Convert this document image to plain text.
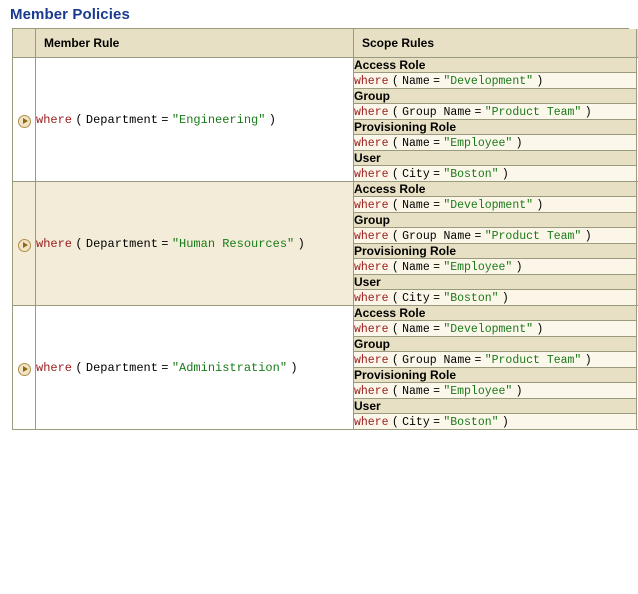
Member Policies
	Member Rule	Scope Rules	
	where ( Department = "Engineering" )	
Access Role
where ( Name = "Development" )
Group
where ( Group Name = "Product Team" )
Provisioning Role
where ( Name = "Employee" )
User
where ( City = "Boston" )

	where ( Department = "Human Resources" )	
Access Role
where ( Name = "Development" )
Group
where ( Group Name = "Product Team" )
Provisioning Role
where ( Name = "Employee" )
User
where ( City = "Boston" )

	where ( Department = "Administration" )	
Access Role
where ( Name = "Development" )
Group
where ( Group Name = "Product Team" )
Provisioning Role
where ( Name = "Employee" )
User
where ( City = "Boston" )
